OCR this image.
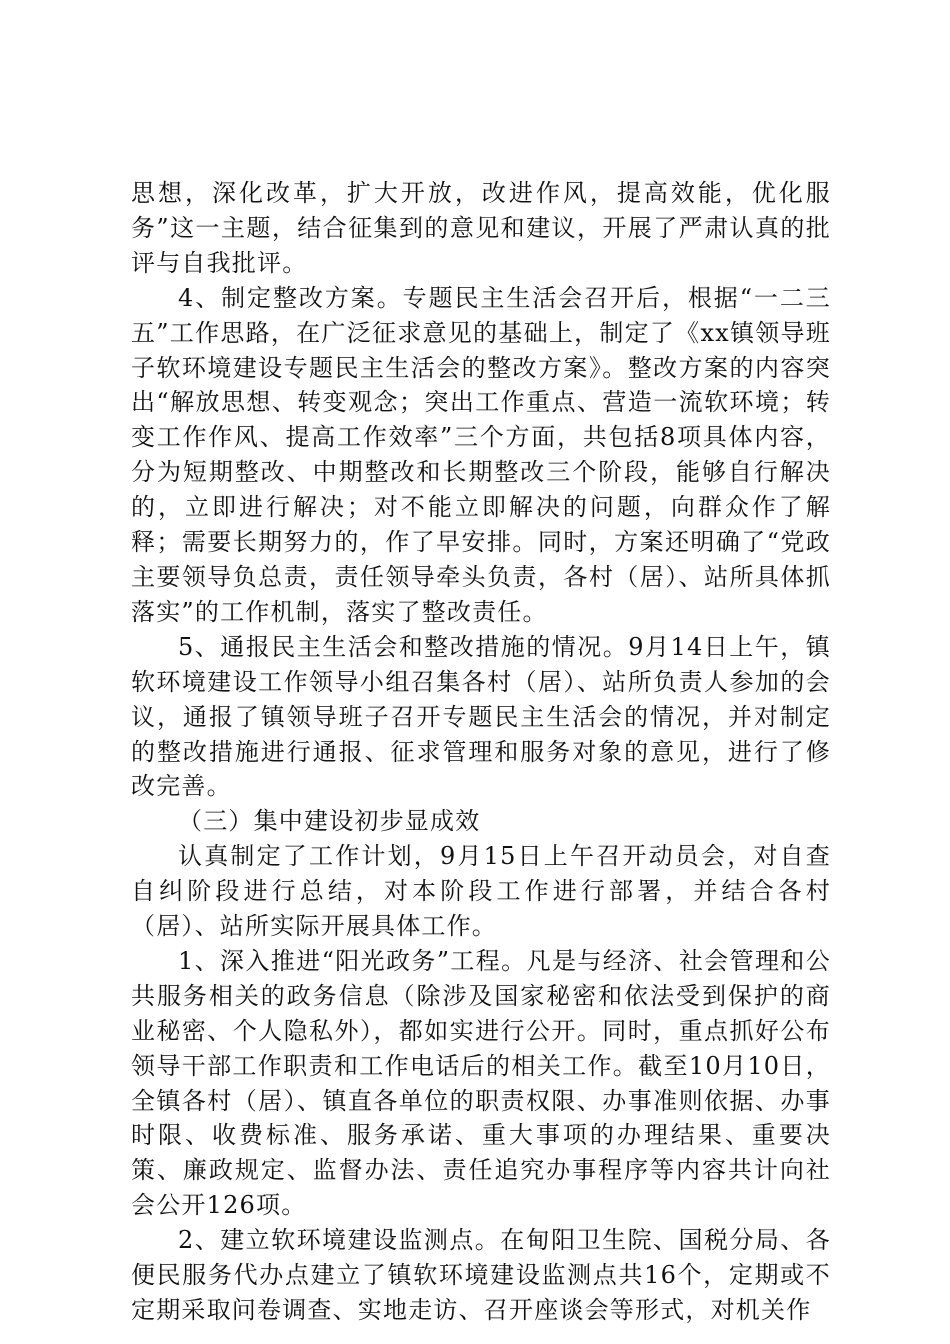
思想，深化改革，扩大开放，改进作风，提高效能，优化服务”这一主题，结合征集到的意见和建议，开展了严肃认真的批评与自我批评。

4、制定整改方案。专题民主生活会召开后，根据“一二三五”工作思路，在广泛征求意见的基础上，制定了《xx镇领导班子软环境建设专题民主生活会的整改方案》。整改方案的内容突出“解放思想、转变观念；突出工作重点、营造一流软环境；转变工作作风、提高工作效率”三个方面，共包括8项具体内容，分为短期整改、中期整改和长期整改三个阶段，能够自行解决的，立即进行解决；对不能立即解决的问题，向群众作了解释；需要长期努力的，作了早安排。同时，方案还明确了“党政主要领导负总责，责任领导牵头负责，各村（居）、站所具体抓落实”的工作机制，落实了整改责任。

5、通报民主生活会和整改措施的情况。9月14日上午，镇软环境建设工作领导小组召集各村（居）、站所负责人参加的会议，通报了镇领导班子召开专题民主生活会的情况，并对制定的整改措施进行通报、征求管理和服务对象的意见，进行了修改完善。

（三）集中建设初步显成效

认真制定了工作计划，9月15日上午召开动员会，对自查自纠阶段进行总结，对本阶段工作进行部署，并结合各村（居）、站所实际开展具体工作。

1、深入推进“阳光政务”工程。凡是与经济、社会管理和公共服务相关的政务信息（除涉及国家秘密和依法受到保护的商业秘密、个人隐私外），都如实进行公开。同时，重点抓好公布领导干部工作职责和工作电话后的相关工作。截至10月10日，全镇各村（居）、镇直各单位的职责权限、办事准则依据、办事时限、收费标准、服务承诺、重大事项的办理结果、重要决策、廉政规定、监督办法、责任追究办事程序等内容共计向社会公开126项。

2、建立软环境建设监测点。在甸阳卫生院、国税分局、各便民服务代办点建立了镇软环境建设监测点共16个，定期或不定期采取问卷调查、实地走访、召开座谈会等形式，对机关作
